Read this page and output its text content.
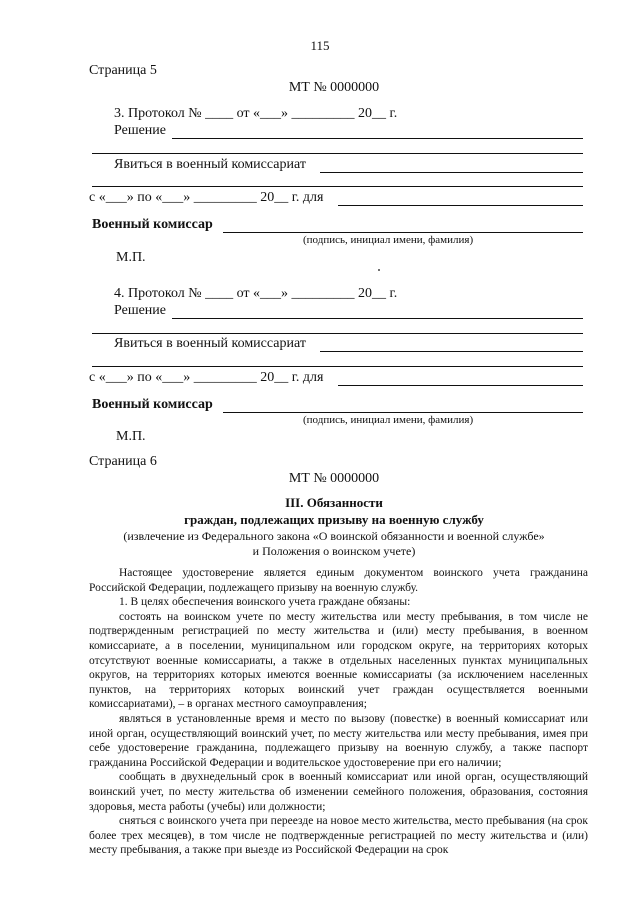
115
Страница 5
МТ № 0000000
3. Протокол № ____ от «___» _________ 20__ г.
Решение
Явиться в военный комиссариат
с «___» по «___» _________ 20__ г. для
Военный комиссар
(подпись, инициал имени, фамилия)
М.П.
4. Протокол № ____ от «___» _________ 20__ г.
Решение
Явиться в военный комиссариат
с «___» по «___» _________ 20__ г. для
Военный комиссар
(подпись, инициал имени, фамилия)
М.П.
Страница 6
МТ № 0000000
III. Обязанности
граждан, подлежащих призыву на военную службу
(извлечение из Федерального закона «О воинской обязанности и военной службе»
и Положения о воинском учете)

Настоящее удостоверение является единым документом воинского учета гражданина Российской Федерации, подлежащего призыву на военную службу.

1. В целях обеспечения воинского учета граждане обязаны:

состоять на воинском учете по месту жительства или месту пребывания, в том числе не подтвержденным регистрацией по месту жительства и (или) месту пребывания, в военном комиссариате, а в поселении, муниципальном или городском округе, на территориях которых отсутствуют военные комиссариаты, а также в отдельных населенных пунктах муниципальных округов, на территориях которых имеются военные комиссариаты (за исключением населенных пунктов, на территориях которых воинский учет граждан осуществляется военными комиссариатами), – в органах местного самоуправления;

являться в установленные время и место по вызову (повестке) в военный комиссариат или иной орган, осуществляющий воинский учет, по месту жительства или месту пребывания, имея при себе удостоверение гражданина, подлежащего призыву на военную службу, а также паспорт гражданина Российской Федерации и водительское удостоверение при его наличии;

сообщать в двухнедельный срок в военный комиссариат или иной орган, осуществляющий воинский учет, по месту жительства об изменении семейного положения, образования, состояния здоровья, места работы (учебы) или должности;

сняться с воинского учета при переезде на новое место жительства, место пребывания (на срок более трех месяцев), в том числе не подтвержденные регистрацией по месту жительства и (или) месту пребывания, а также при выезде из Российской Федерации на срок
